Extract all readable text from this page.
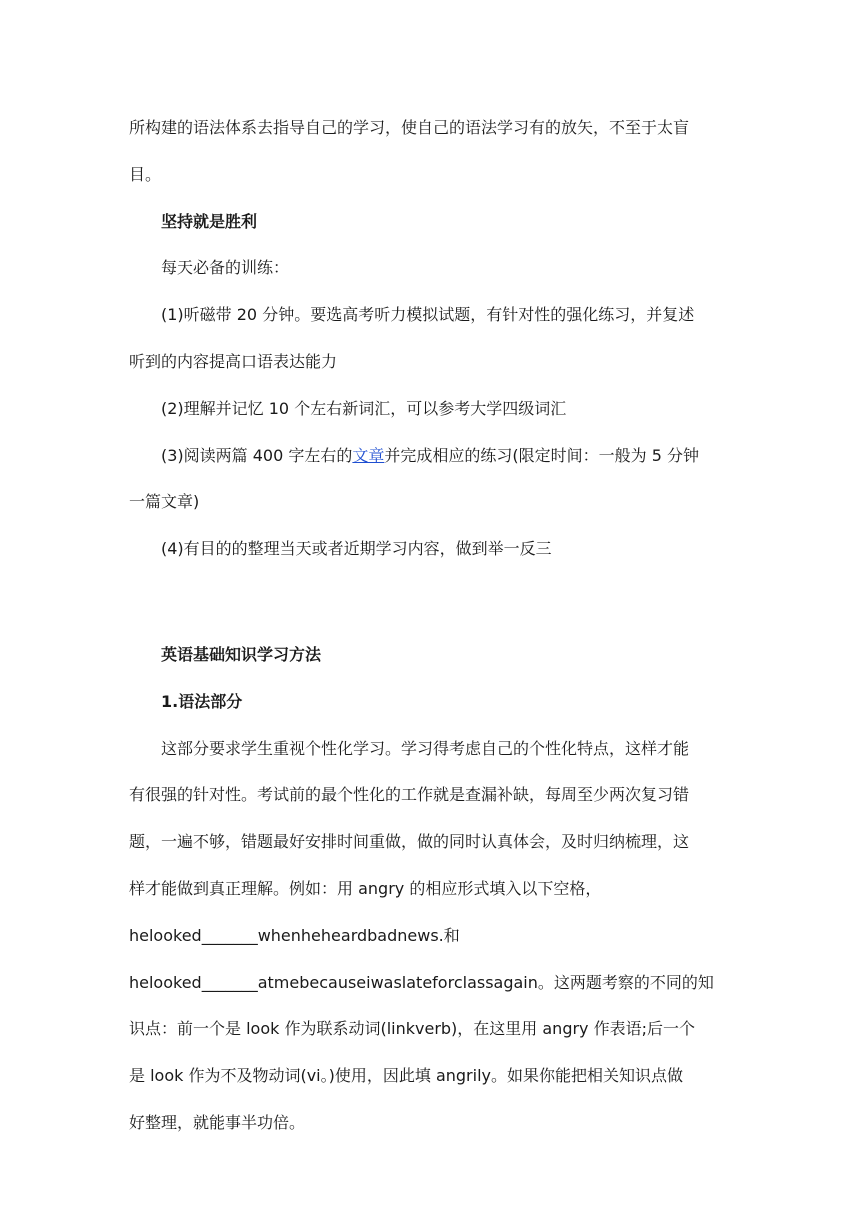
所构建的语法体系去指导自己的学习，使自己的语法学习有的放矢，不至于太盲
目。
坚持就是胜利
每天必备的训练：
(1)听磁带 20 分钟。要选高考听力模拟试题，有针对性的强化练习，并复述
听到的内容提高口语表达能力
(2)理解并记忆 10 个左右新词汇，可以参考大学四级词汇
(3)阅读两篇 400 字左右的文章并完成相应的练习(限定时间：一般为 5 分钟
一篇文章)
(4)有目的的整理当天或者近期学习内容，做到举一反三
英语基础知识学习方法
1.语法部分
这部分要求学生重视个性化学习。学习得考虑自己的个性化特点，这样才能
有很强的针对性。考试前的最个性化的工作就是查漏补缺，每周至少两次复习错
题，一遍不够，错题最好安排时间重做，做的同时认真体会，及时归纳梳理，这
样才能做到真正理解。例如：用 angry 的相应形式填入以下空格，
helooked_______whenheheardbadnews.和
helooked_______atmebecauseiwaslateforclassagain。这两题考察的不同的知
识点：前一个是 look 作为联系动词(linkverb)，在这里用 angry 作表语;后一个
是 look 作为不及物动词(vi。)使用，因此填 angrily。如果你能把相关知识点做
好整理，就能事半功倍。
